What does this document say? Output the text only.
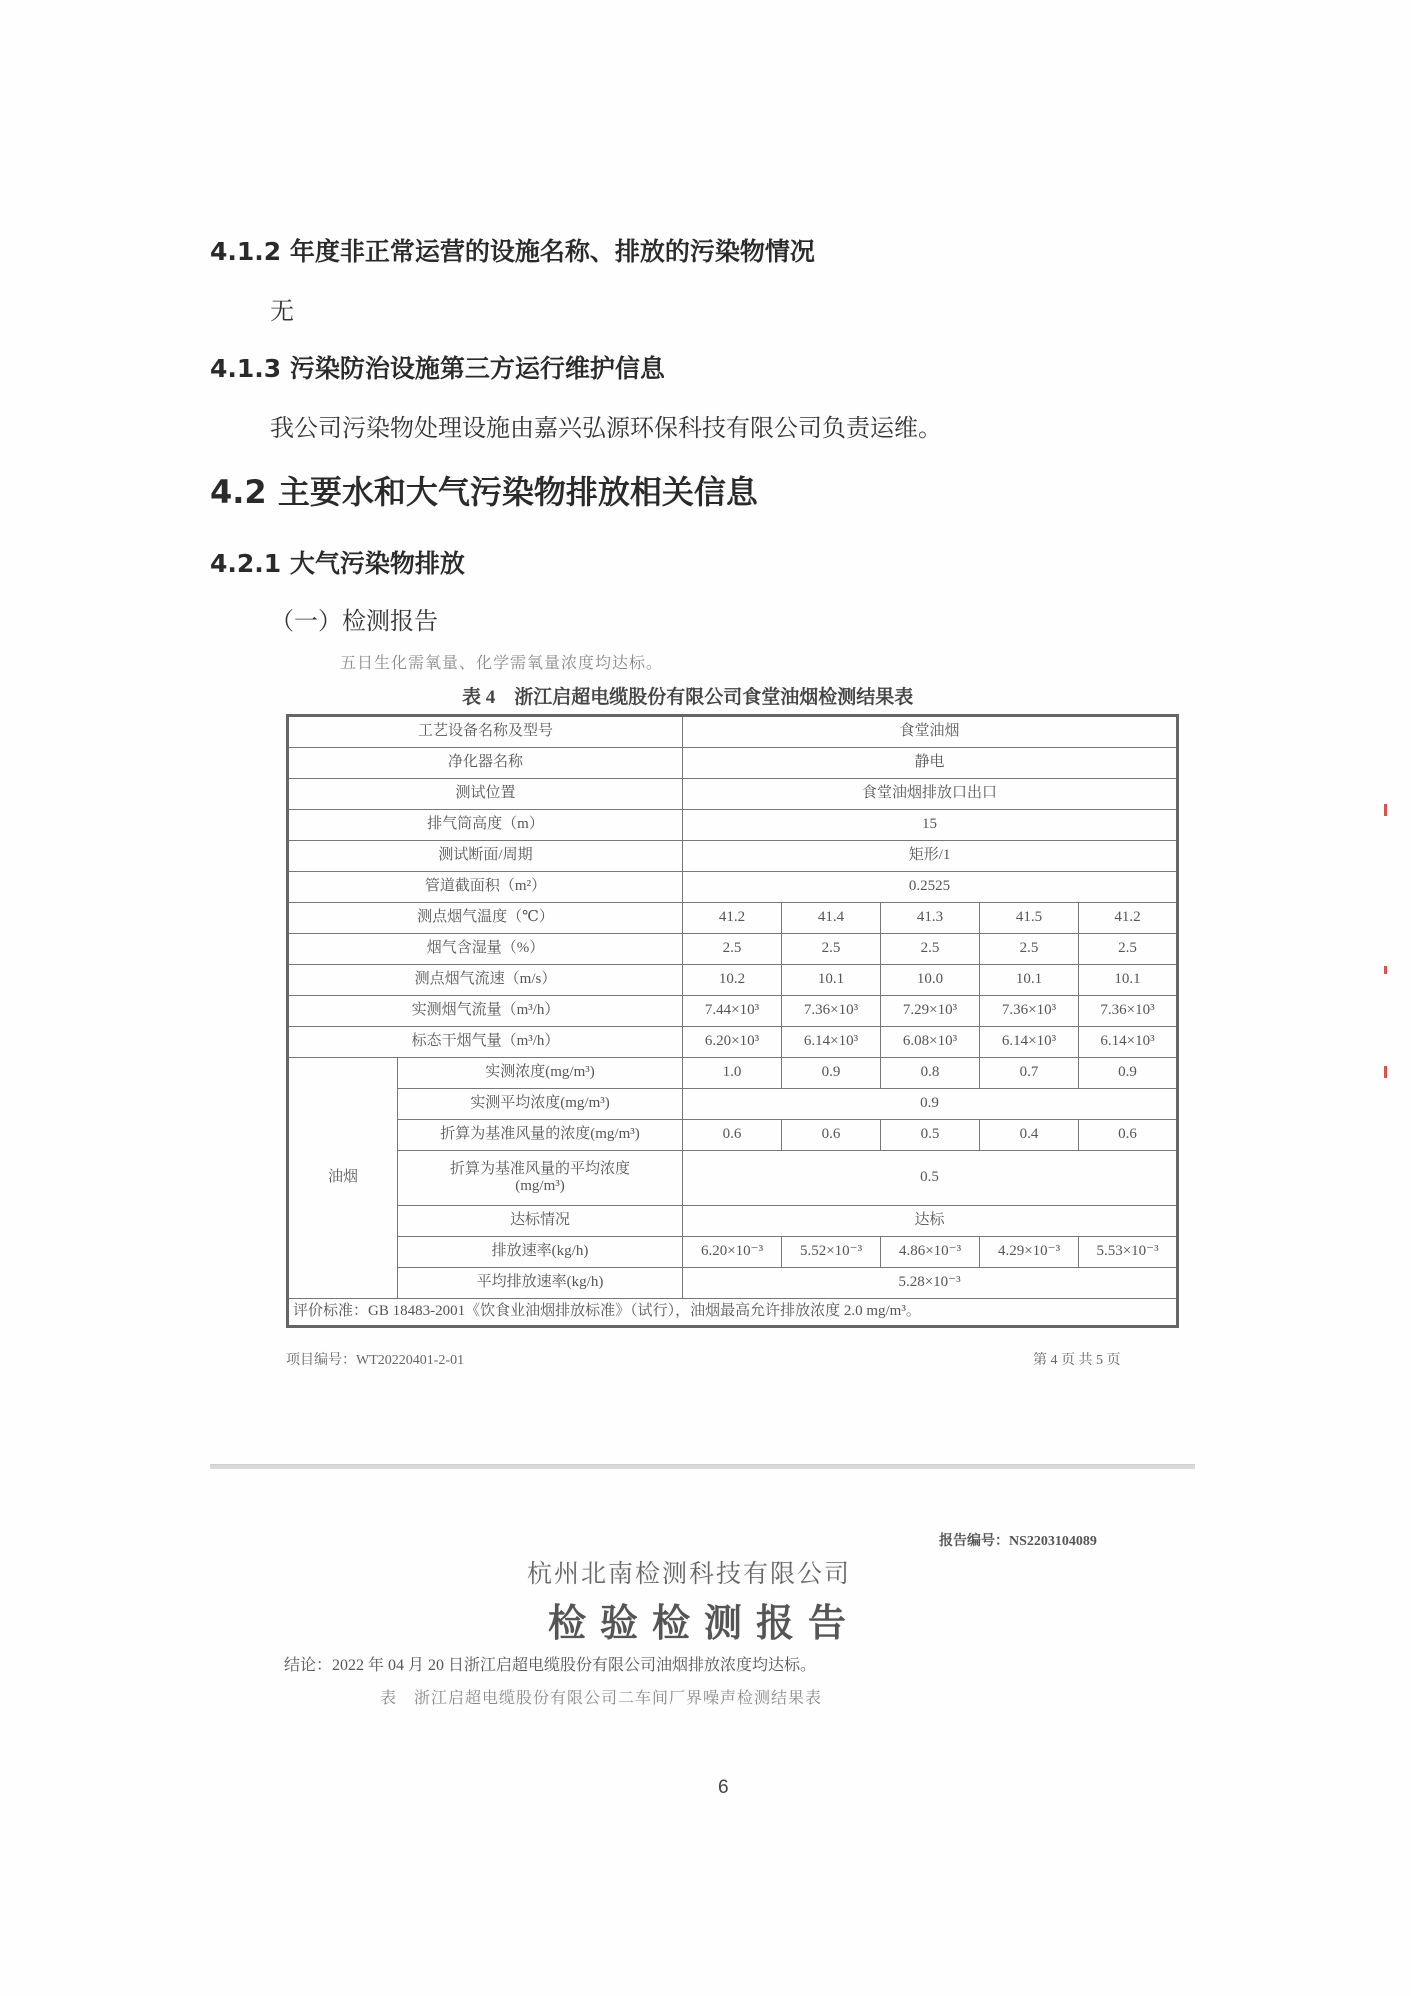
4.1.2 年度非正常运营的设施名称、排放的污染物情况
无
4.1.3 污染防治设施第三方运行维护信息
我公司污染物处理设施由嘉兴弘源环保科技有限公司负责运维。
4.2 主要水和大气污染物排放相关信息
4.2.1 大气污染物排放
（一）检测报告
五日生化需氧量、化学需氧量浓度均达标。
表 4　浙江启超电缆股份有限公司食堂油烟检测结果表
工艺设备名称及型号		食堂油烟				
净化器名称		静电				
测试位置		食堂油烟排放口出口				
排气筒高度（m）		15				
测试断面/周期		矩形/1				
管道截面积（m²）		0.2525				
测点烟气温度（℃）		41.2	41.4	41.3	41.5	41.2
烟气含湿量（%）		2.5	2.5	2.5	2.5	2.5
测点烟气流速（m/s）		10.2	10.1	10.0	10.1	10.1
实测烟气流量（m³/h）		7.44×10³	7.36×10³	7.29×10³	7.36×10³	7.36×10³
标态干烟气量（m³/h）		6.20×10³	6.14×10³	6.08×10³	6.14×10³	6.14×10³
油烟	实测浓度(mg/m³)	1.0	0.9	0.8	0.7	0.9
	实测平均浓度(mg/m³)	0.9				
	折算为基准风量的浓度(mg/m³)	0.6	0.6	0.5	0.4	0.6

	折算为基准风量的平均浓度
(mg/m³)	0.5				
	达标情况	达标				
	排放速率(kg/h)	6.20×10⁻³	5.52×10⁻³	4.86×10⁻³	4.29×10⁻³	5.53×10⁻³
	平均排放速率(kg/h)	5.28×10⁻³				
评价标准：GB 18483-2001《饮食业油烟排放标准》（试行），油烟最高允许排放浓度 2.0 mg/m³。						
项目编号：WT20220401-2-01	第 4 页 共 5 页
报告编号：NS2203104089
杭州北南检测科技有限公司
检验检测报告
结论：2022 年 04 月 20 日浙江启超电缆股份有限公司油烟排放浓度均达标。
表　浙江启超电缆股份有限公司二车间厂界噪声检测结果表
6
